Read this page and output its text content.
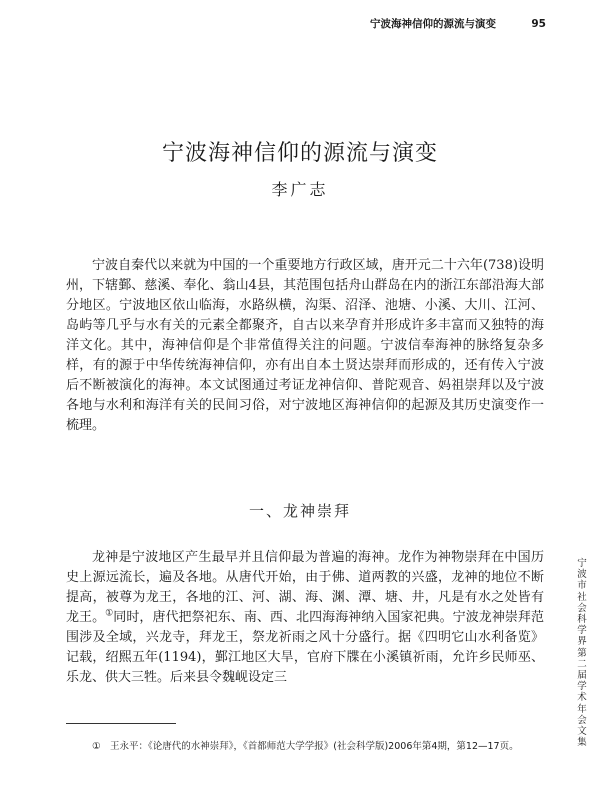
宁波海神信仰的源流与演变	95
宁波海神信仰的源流与演变
李广志

宁波自秦代以来就为中国的一个重要地方行政区域，唐开元二十六年(738)设明州，下辖鄞、慈溪、奉化、翁山4县，其范围包括舟山群岛在内的浙江东部沿海大部分地区。宁波地区依山临海，水路纵横，沟渠、沼泽、池塘、小溪、大川、江河、岛屿等几乎与水有关的元素全都聚齐，自古以来孕育并形成许多丰富而又独特的海洋文化。其中，海神信仰是个非常值得关注的问题。宁波信奉海神的脉络复杂多样，有的源于中华传统海神信仰，亦有出自本土贤达崇拜而形成的，还有传入宁波后不断被演化的海神。本文试图通过考证龙神信仰、普陀观音、妈祖崇拜以及宁波各地与水利和海洋有关的民间习俗，对宁波地区海神信仰的起源及其历史演变作一梳理。

一、龙神崇拜

龙神是宁波地区产生最早并且信仰最为普遍的海神。龙作为神物崇拜在中国历史上源远流长，遍及各地。从唐代开始，由于佛、道两教的兴盛，龙神的地位不断提高，被尊为龙王，各地的江、河、湖、海、渊、潭、塘、井，凡是有水之处皆有龙王。①同时，唐代把祭祀东、南、西、北四海海神纳入国家祀典。宁波龙神崇拜范围涉及全域，兴龙寺，拜龙王，祭龙祈雨之风十分盛行。据《四明它山水利备览》记载，绍熙五年(1194)，鄞江地区大旱，官府下牒在小溪镇祈雨，允许乡民师巫、乐龙、供大三牲。后来县令魏岘设定三

①　王永平：《论唐代的水神崇拜》，《首都师范大学学报》(社会科学版)2006年第4期，第12—17页。

宁波市社会科学界第二届学术年会文集
